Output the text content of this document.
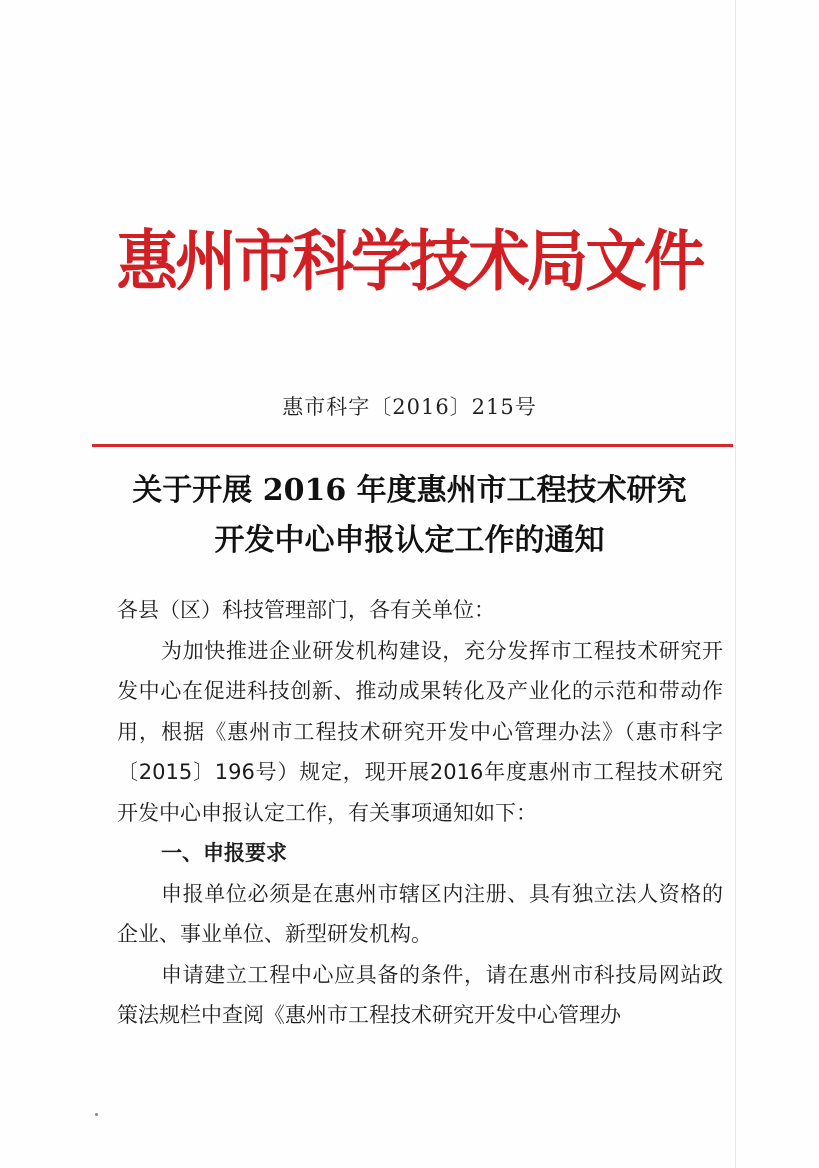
惠州市科学技术局文件
惠市科字〔2016〕215号
关于开展 2016 年度惠州市工程技术研究
开发中心申报认定工作的通知

各县（区）科技管理部门，各有关单位：

为加快推进企业研发机构建设，充分发挥市工程技术研究开发中心在促进科技创新、推动成果转化及产业化的示范和带动作用，根据《惠州市工程技术研究开发中心管理办法》（惠市科字〔2015〕196号）规定，现开展2016年度惠州市工程技术研究开发中心申报认定工作，有关事项通知如下：

一、申报要求

申报单位必须是在惠州市辖区内注册、具有独立法人资格的企业、事业单位、新型研发机构。

申请建立工程中心应具备的条件，请在惠州市科技局网站政策法规栏中查阅《惠州市工程技术研究开发中心管理办
